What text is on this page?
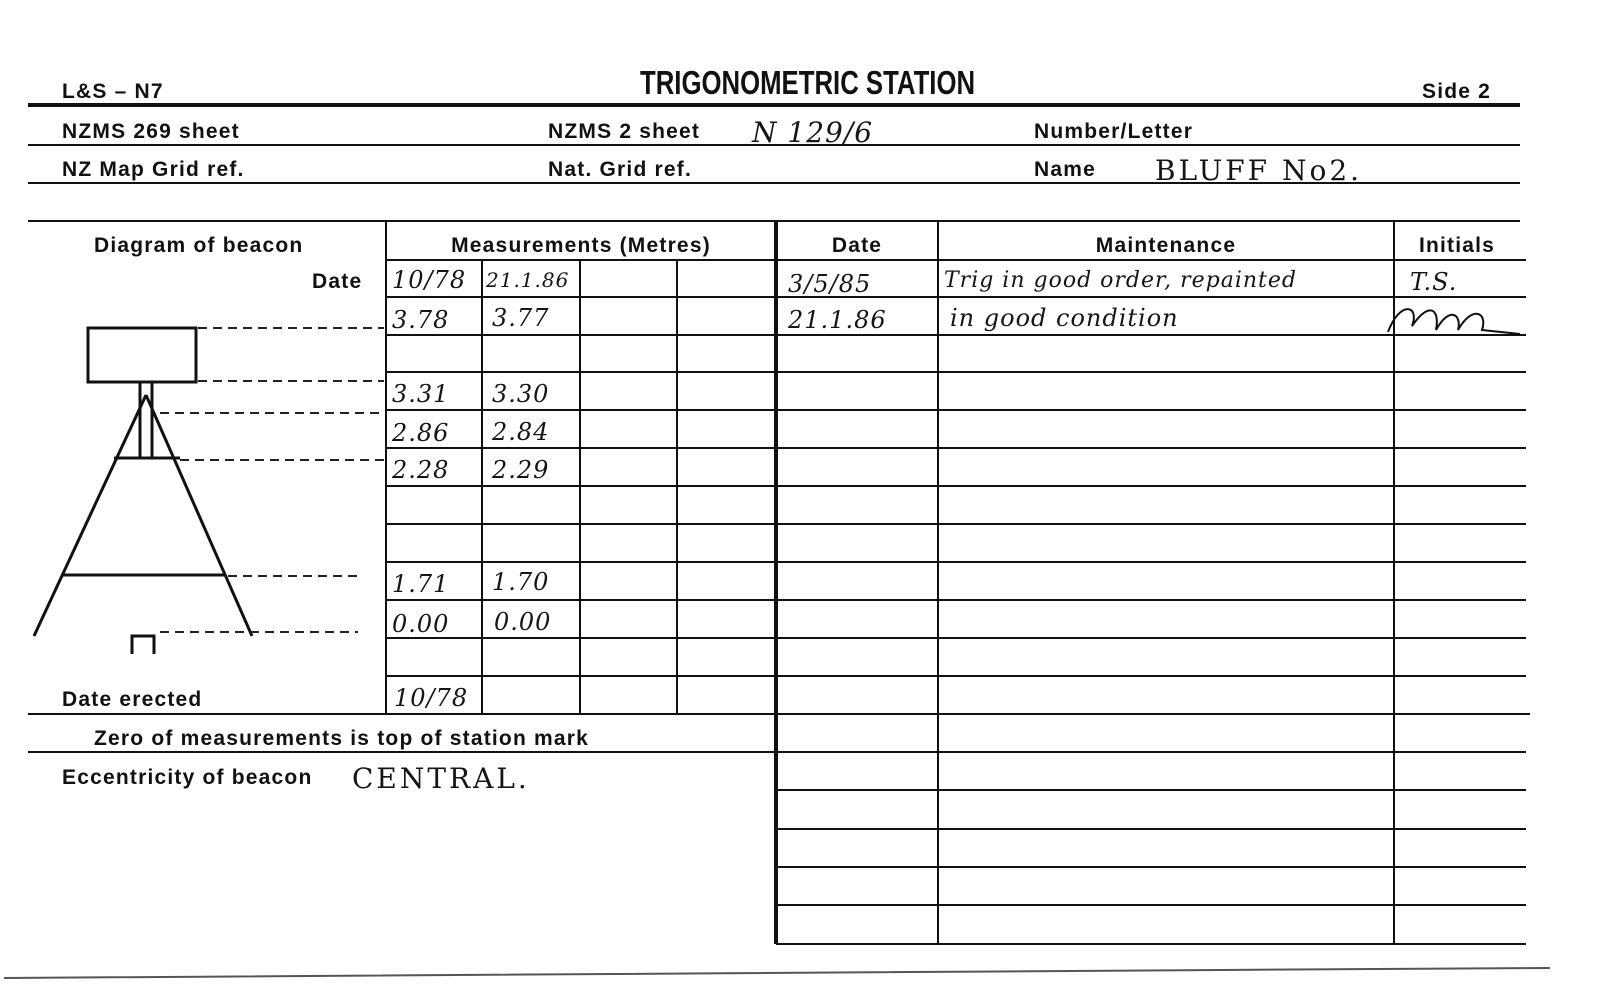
L&S – N7	TRIGONOMETRIC STATION	Side 2
NZMS 269 sheet	NZMS 2 sheet N 129/6	Number/Letter
NZ Map Grid ref.	Nat. Grid ref.	Name BLUFF No2.
Diagram of beacon	Measurements (Metres)	Date	Maintenance	Initials
Date 10/78 21.1.86
3.78 3.77
3.31 3.30
2.86 2.84
2.28 2.29
1.71 1.70
0.00 0.00
Date erected	10/78
Zero of measurements is top of station mark
Eccentricity of beacon CENTRAL.
3/5/85	Trig in good order, repainted	T.S.
21.1.86	in good condition
